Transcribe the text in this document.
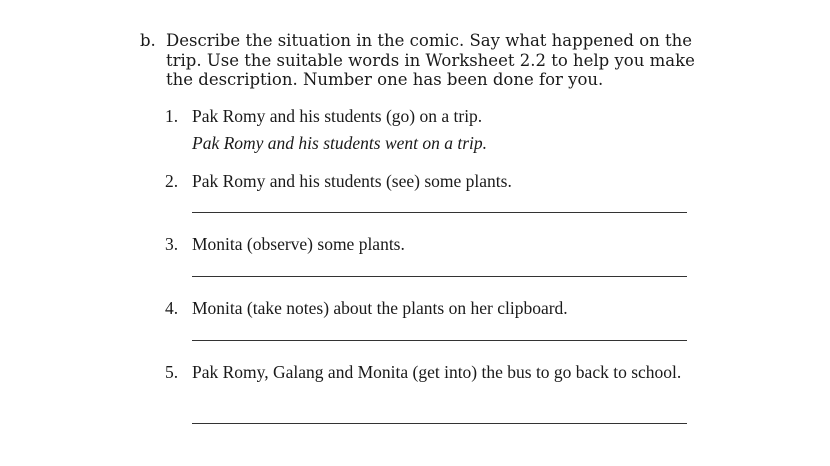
b. Describe the situation in the comic. Say what happened on the trip. Use the suitable words in Worksheet 2.2 to help you make the description. Number one has been done for you.
1. Pak Romy and his students (go) on a trip.
Pak Romy and his students went on a trip.
2. Pak Romy and his students (see) some plants.
3. Monita (observe) some plants.
4. Monita (take notes) about the plants on her clipboard.
5. Pak Romy, Galang and Monita (get into) the bus to go back to school.
